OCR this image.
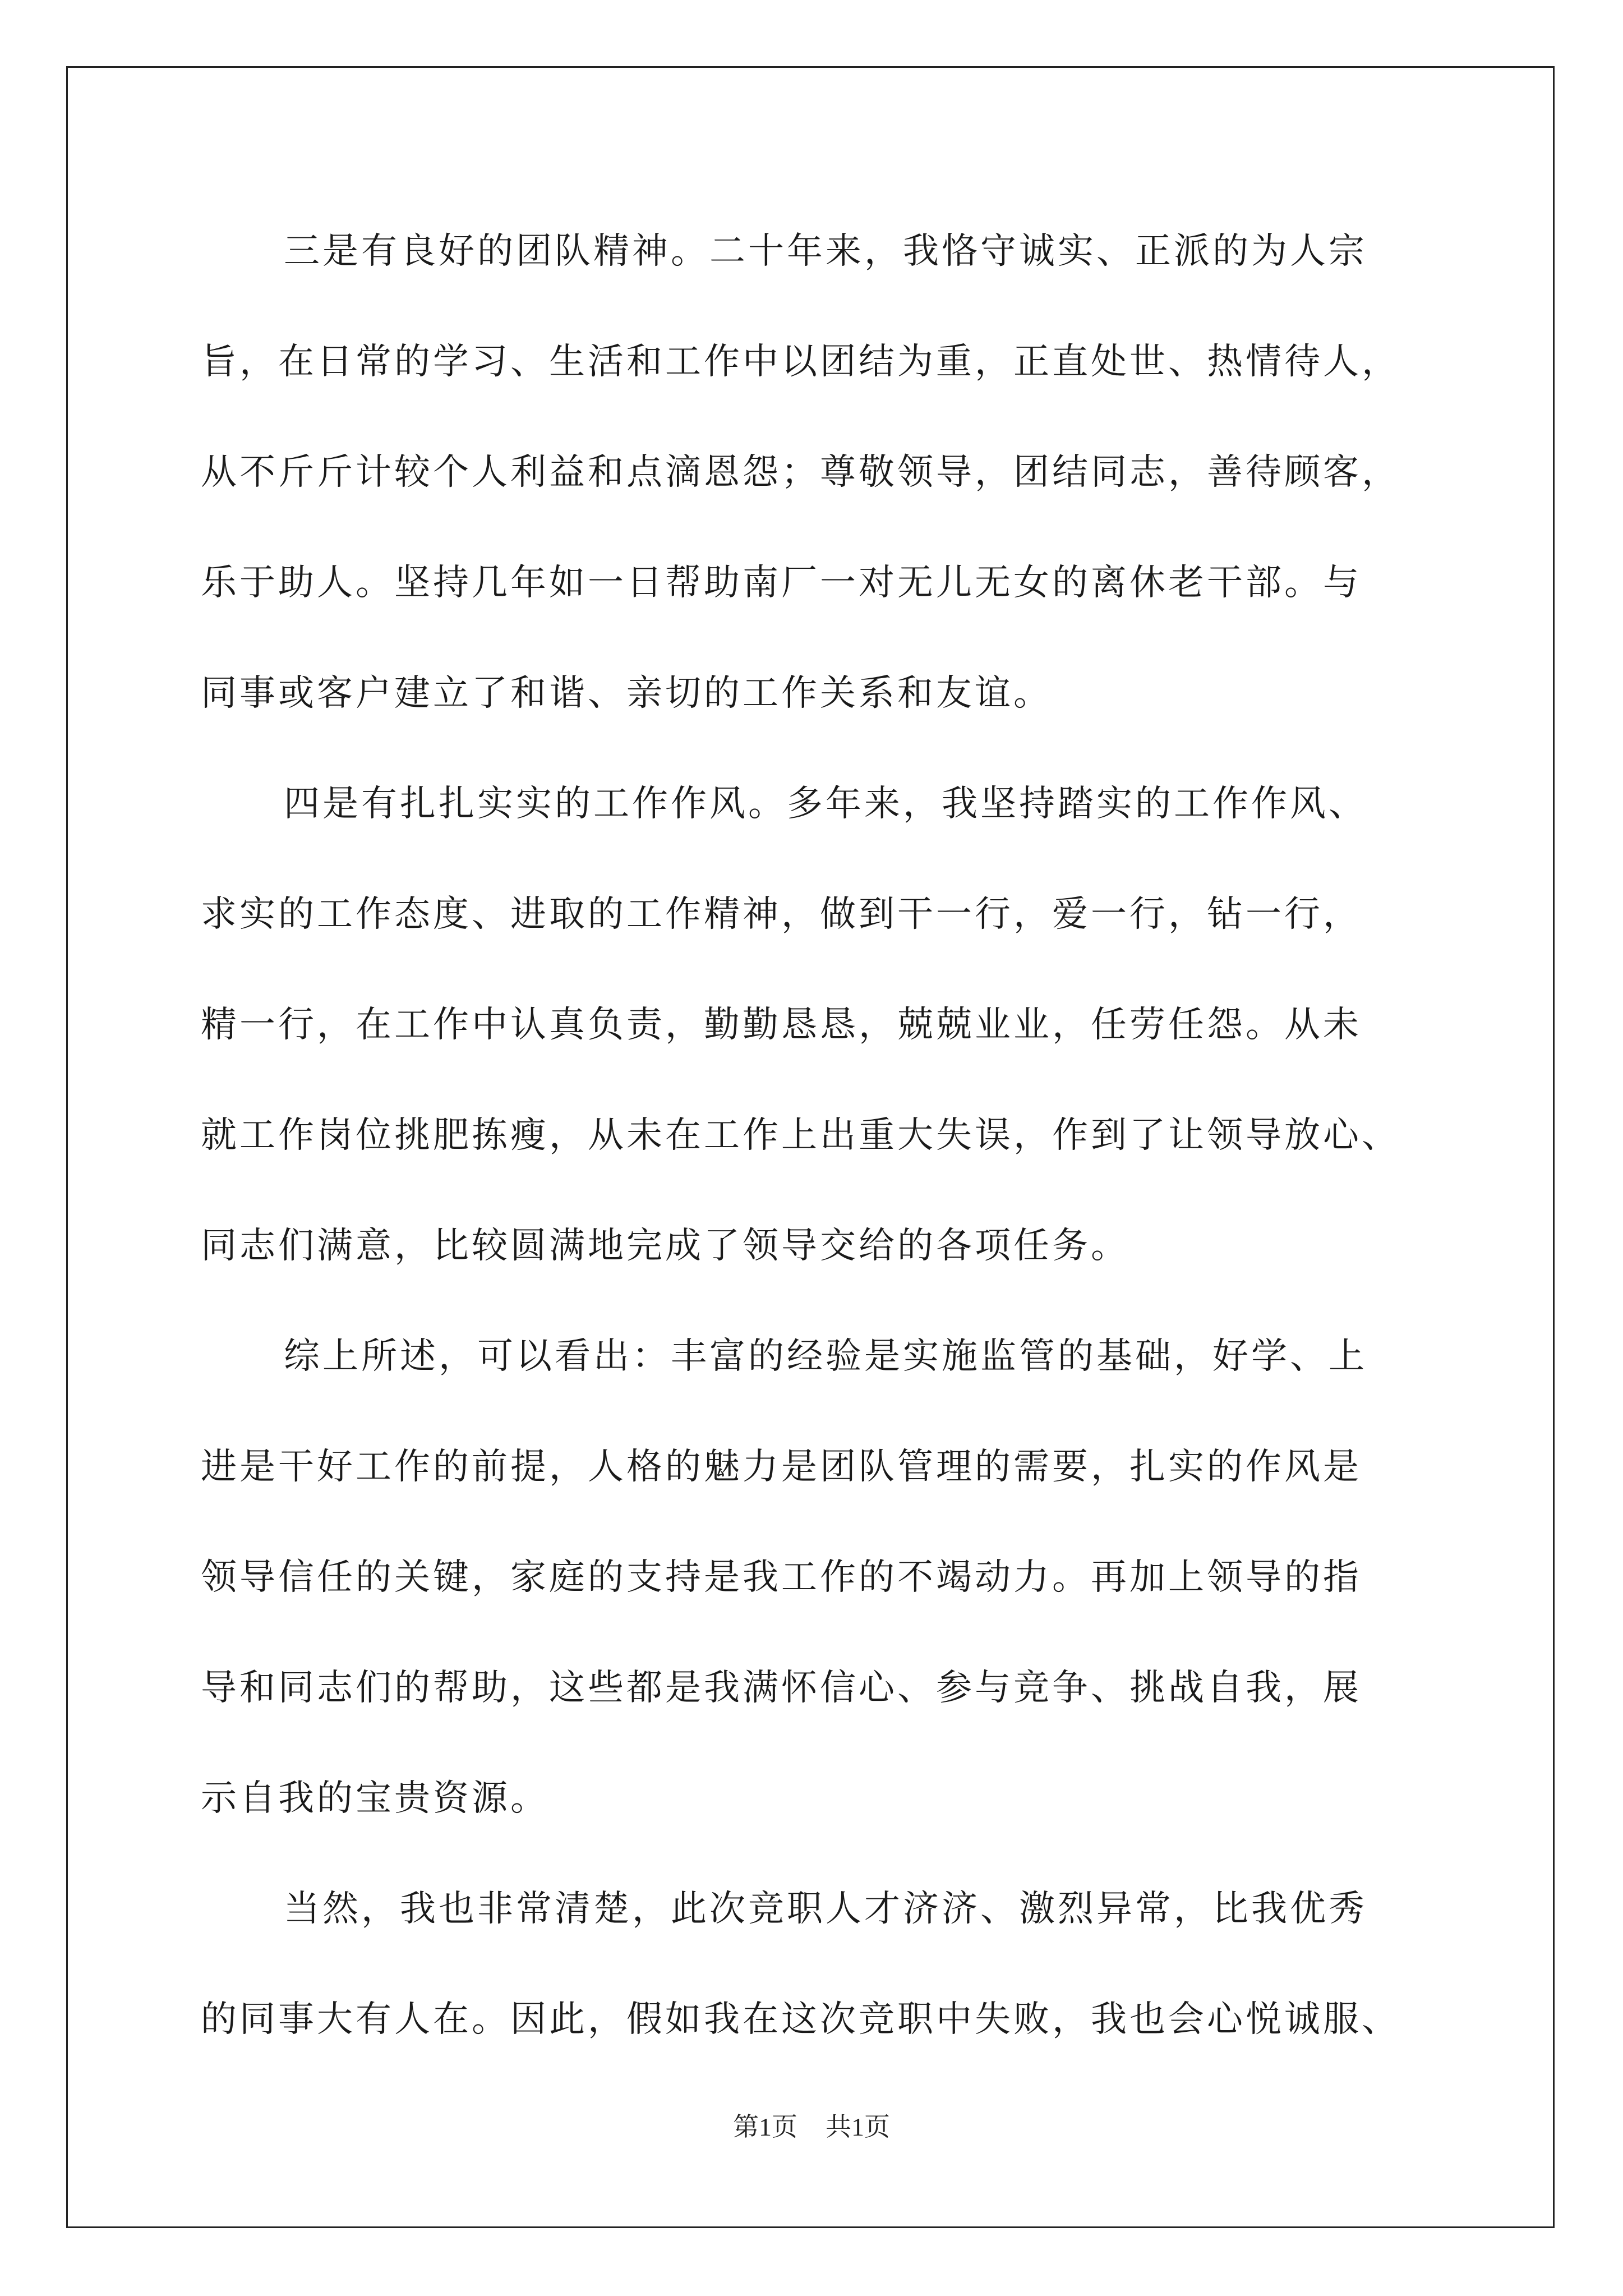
三是有良好的团队精神。二十年来，我恪守诚实、正派的为人宗
旨，在日常的学习、生活和工作中以团结为重，正直处世、热情待人，
从不斤斤计较个人利益和点滴恩怨；尊敬领导，团结同志，善待顾客，
乐于助人。坚持几年如一日帮助南厂一对无儿无女的离休老干部。与
同事或客户建立了和谐、亲切的工作关系和友谊。
四是有扎扎实实的工作作风。多年来，我坚持踏实的工作作风、
求实的工作态度、进取的工作精神，做到干一行，爱一行，钻一行，
精一行，在工作中认真负责，勤勤恳恳，兢兢业业，任劳任怨。从未
就工作岗位挑肥拣瘦，从未在工作上出重大失误，作到了让领导放心、
同志们满意，比较圆满地完成了领导交给的各项任务。
综上所述，可以看出：丰富的经验是实施监管的基础，好学、上
进是干好工作的前提，人格的魅力是团队管理的需要，扎实的作风是
领导信任的关键，家庭的支持是我工作的不竭动力。再加上领导的指
导和同志们的帮助，这些都是我满怀信心、参与竞争、挑战自我，展
示自我的宝贵资源。
当然，我也非常清楚，此次竞职人才济济、激烈异常，比我优秀
的同事大有人在。因此，假如我在这次竞职中失败，我也会心悦诚服、
第1页 共1页
